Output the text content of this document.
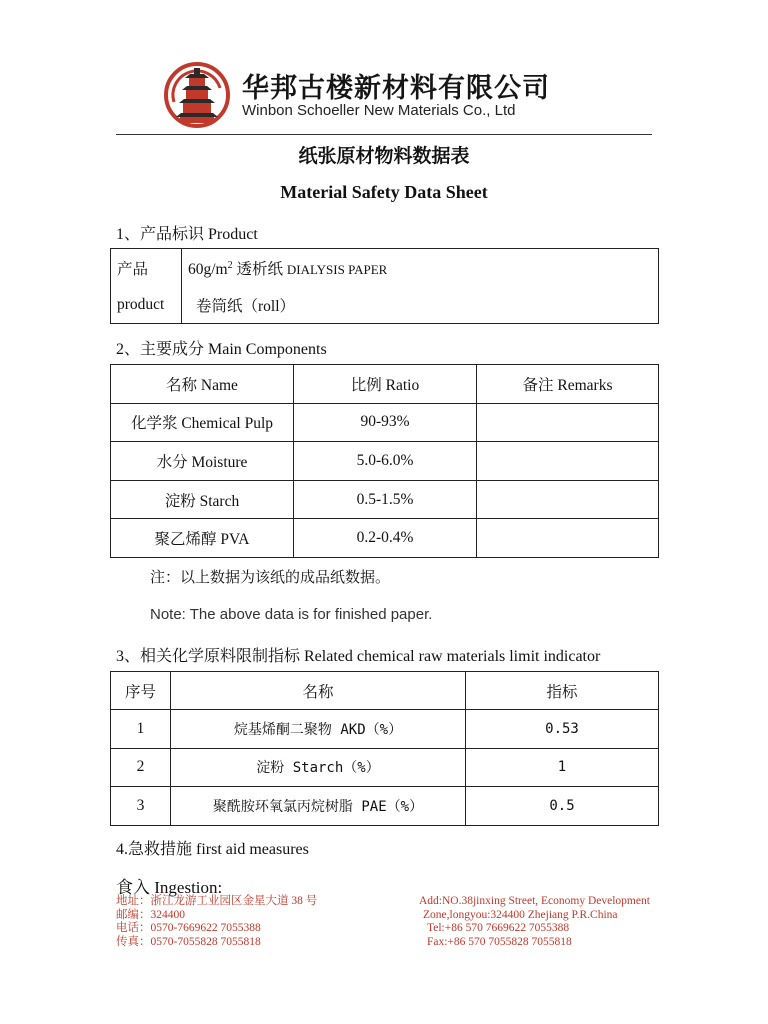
华邦古楼新材料有限公司
Winbon Schoeller New Materials Co., Ltd
纸张原材物料数据表
Material Safety Data Sheet
1、产品标识 Product
产品	$60g/m^2$ 透析纸 DIALYSIS PAPER
product	卷筒纸（roll）
2、主要成分 Main Components
名称 Name	比例 Ratio	备注 Remarks
化学浆 Chemical Pulp	90-93%	
水分 Moisture	5.0-6.0%	
淀粉 Starch	0.5-1.5%	
聚乙烯醇 PVA	0.2-0.4%	
注：以上数据为该纸的成品纸数据。
Note: The above data is for finished paper.
3、相关化学原料限制指标 Related chemical raw materials limit indicator
序号	名称	指标
1	烷基烯酮二聚物 AKD（%）	0.53
2	淀粉 Starch（%）	1
3	聚酰胺环氧氯丙烷树脂 PAE（%）	0.5
4.急救措施 first aid measures
食入 Ingestion:
地址：浙江龙游工业园区金星大道 38 号
邮编：324400
电话：0570-7669622 7055388
传真：0570-7055828 7055818
Add:NO.38jinxing Street, Economy Development
Zone,longyou:324400 Zhejiang P.R.China
Tel:+86 570 7669622 7055388
Fax:+86 570 7055828 7055818
